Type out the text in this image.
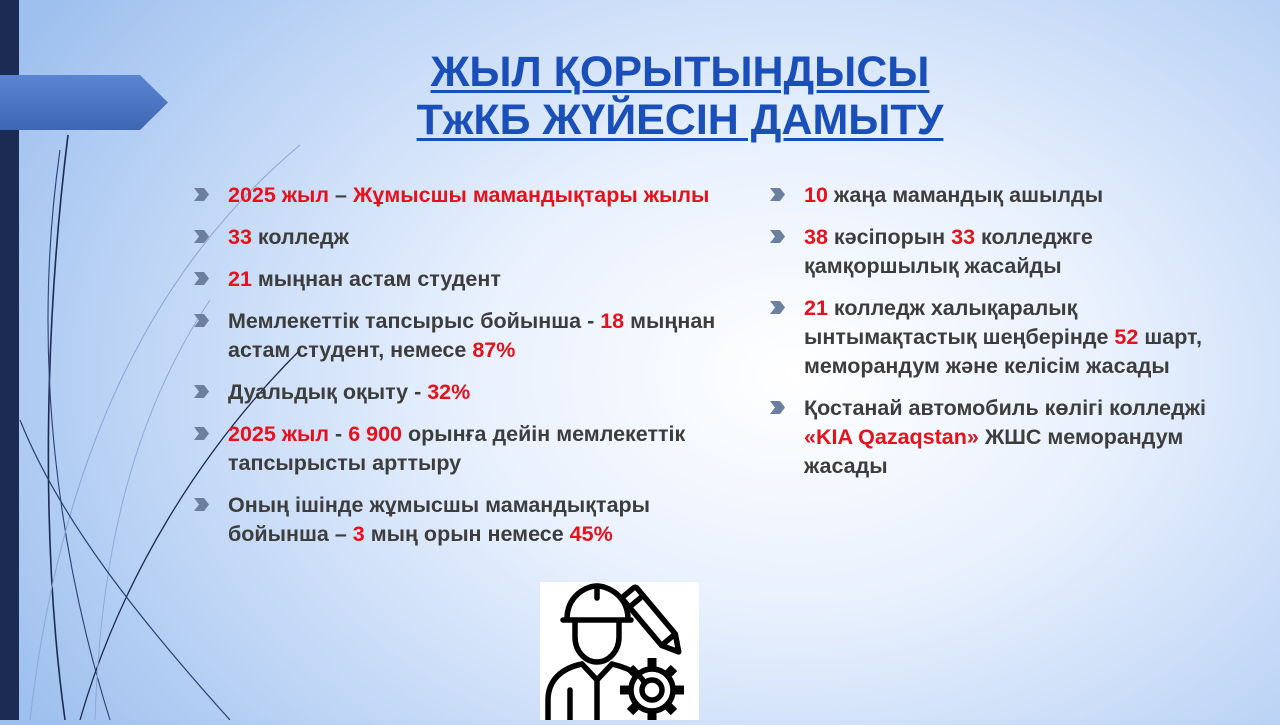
ЖЫЛ ҚОРЫТЫНДЫСЫ
ТжКБ ЖҮЙЕСІН ДАМЫТУ
2025 жыл – Жұмысшы мамандықтары жылы
33 колледж
21 мыңнан астам студент
Мемлекеттік тапсырыс бойынша - 18 мыңнан астам студент, немесе 87%
Дуальдық оқыту - 32%
2025 жыл - 6 900 орынға дейін мемлекеттік тапсырысты арттыру
Оның ішінде жұмысшы мамандықтары бойынша – 3 мың орын немесе 45%
10 жаңа мамандық ашылды
38 кәсіпорын 33 колледжге қамқоршылық жасайды
21 колледж халықаралық ынтымақтастық шеңберінде 52 шарт, меморандум және келісім жасады
Қостанай автомобиль көлігі колледжі «KIA Qazaqstan» ЖШС меморандум жасады
